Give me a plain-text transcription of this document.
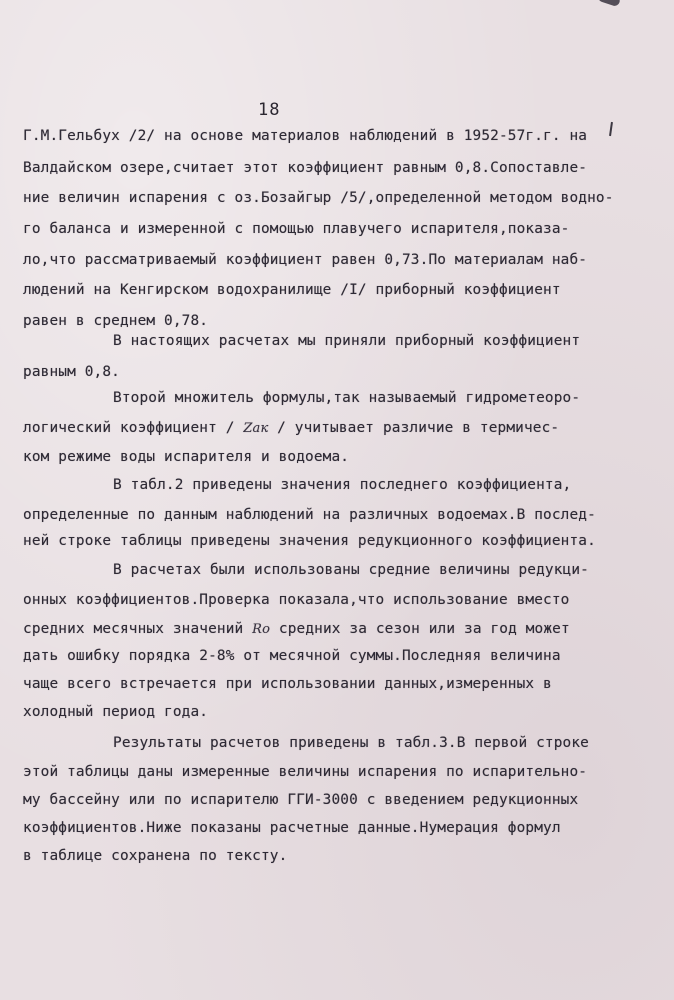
18
Г.М.Гельбух /2/ на основе материалов наблюдений в 1952-57г.г. на
Валдайском озере,считает этот коэффициент равным 0,8.Сопоставле-
ние величин испарения с оз.Бозайгыр /5/,определенной методом водно-
го баланса и измеренной с помощью плавучего испарителя,показа-
ло,что рассматриваемый коэффициент равен 0,73.По материалам наб-
людений на Кенгирском водохранилище /I/ приборный коэффициент
равен в среднем 0,78.
В настоящих расчетах мы приняли приборный коэффициент
равным 0,8.
Второй множитель формулы,так называемый гидрометеоро-
логический коэффициент / Zак / учитывает различие в термичес-
ком режиме воды испарителя и водоема.
В табл.2 приведены значения последнего коэффициента,
определенные по данным наблюдений на различных водоемах.В послед-
ней строке таблицы приведены значения редукционного коэффициента.
В расчетах были использованы средние величины редукци-
онных коэффициентов.Проверка показала,что использование вместо
средних месячных значений Rо средних за сезон или за год может
дать ошибку порядка 2-8% от месячной суммы.Последняя величина
чаще всего встречается при использовании данных,измеренных в
холодный период года.
Результаты расчетов приведены в табл.3.В первой строке
этой таблицы даны измеренные величины испарения по испарительно-
му бассейну или по испарителю ГГИ-3000 с введением редукционных
коэффициентов.Ниже показаны расчетные данные.Нумерация формул
в таблице сохранена по тексту.
